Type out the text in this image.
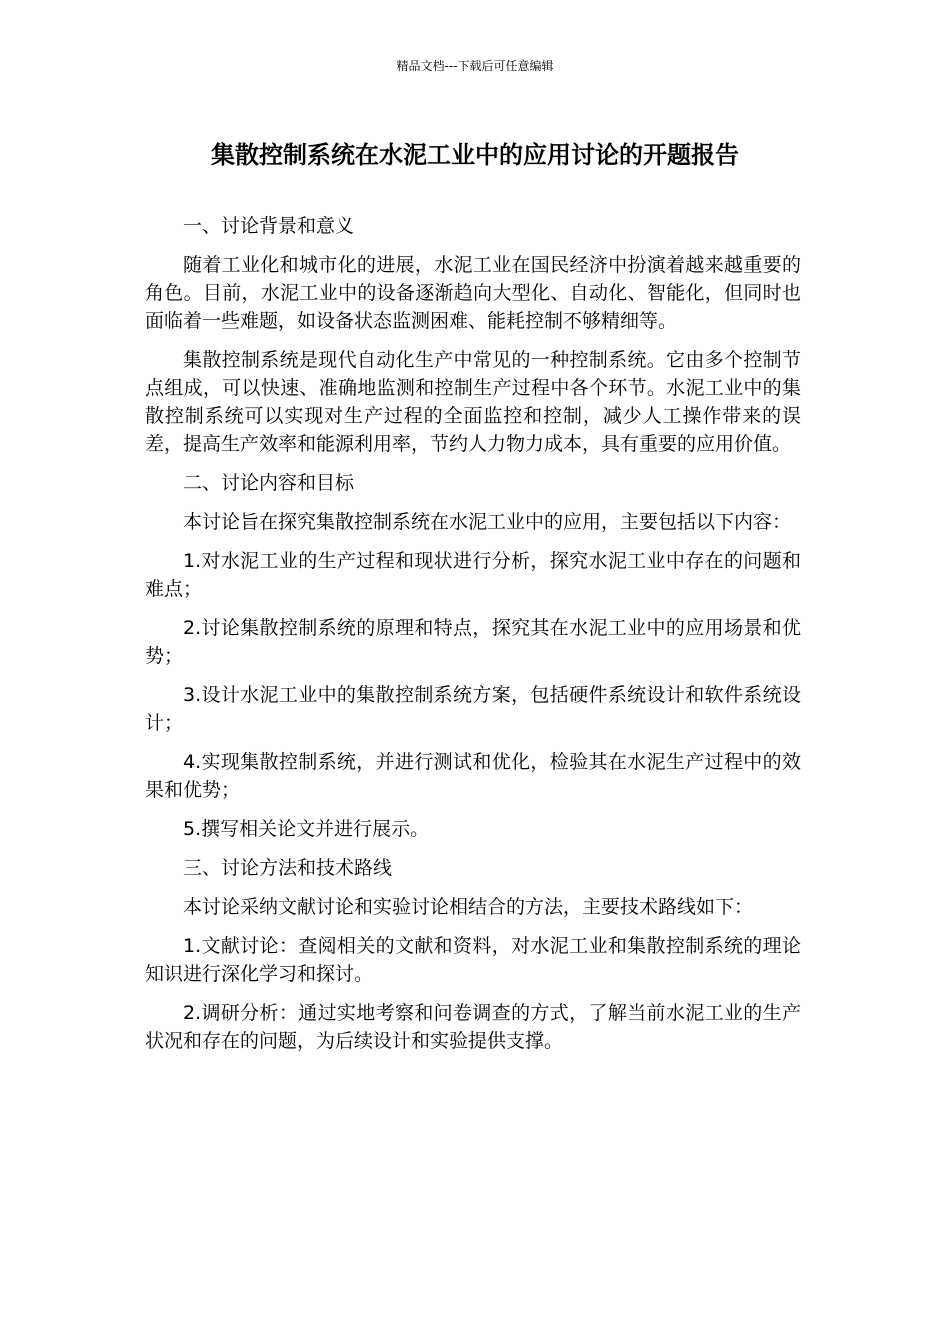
精品文档---下载后可任意编辑
集散控制系统在水泥工业中的应用讨论的开题报告

一、讨论背景和意义

随着工业化和城市化的进展，水泥工业在国民经济中扮演着越来越重要的角色。目前，水泥工业中的设备逐渐趋向大型化、自动化、智能化，但同时也面临着一些难题，如设备状态监测困难、能耗控制不够精细等。

集散控制系统是现代自动化生产中常见的一种控制系统。它由多个控制节点组成，可以快速、准确地监测和控制生产过程中各个环节。水泥工业中的集散控制系统可以实现对生产过程的全面监控和控制，减少人工操作带来的误差，提高生产效率和能源利用率，节约人力物力成本，具有重要的应用价值。

二、讨论内容和目标

本讨论旨在探究集散控制系统在水泥工业中的应用，主要包括以下内容：

1.对水泥工业的生产过程和现状进行分析，探究水泥工业中存在的问题和难点；

2.讨论集散控制系统的原理和特点，探究其在水泥工业中的应用场景和优势；

3.设计水泥工业中的集散控制系统方案，包括硬件系统设计和软件系统设计；

4.实现集散控制系统，并进行测试和优化，检验其在水泥生产过程中的效果和优势；

5.撰写相关论文并进行展示。

三、讨论方法和技术路线

本讨论采纳文献讨论和实验讨论相结合的方法，主要技术路线如下：

1.文献讨论：查阅相关的文献和资料，对水泥工业和集散控制系统的理论知识进行深化学习和探讨。

2.调研分析：通过实地考察和问卷调查的方式，了解当前水泥工业的生产状况和存在的问题，为后续设计和实验提供支撑。
